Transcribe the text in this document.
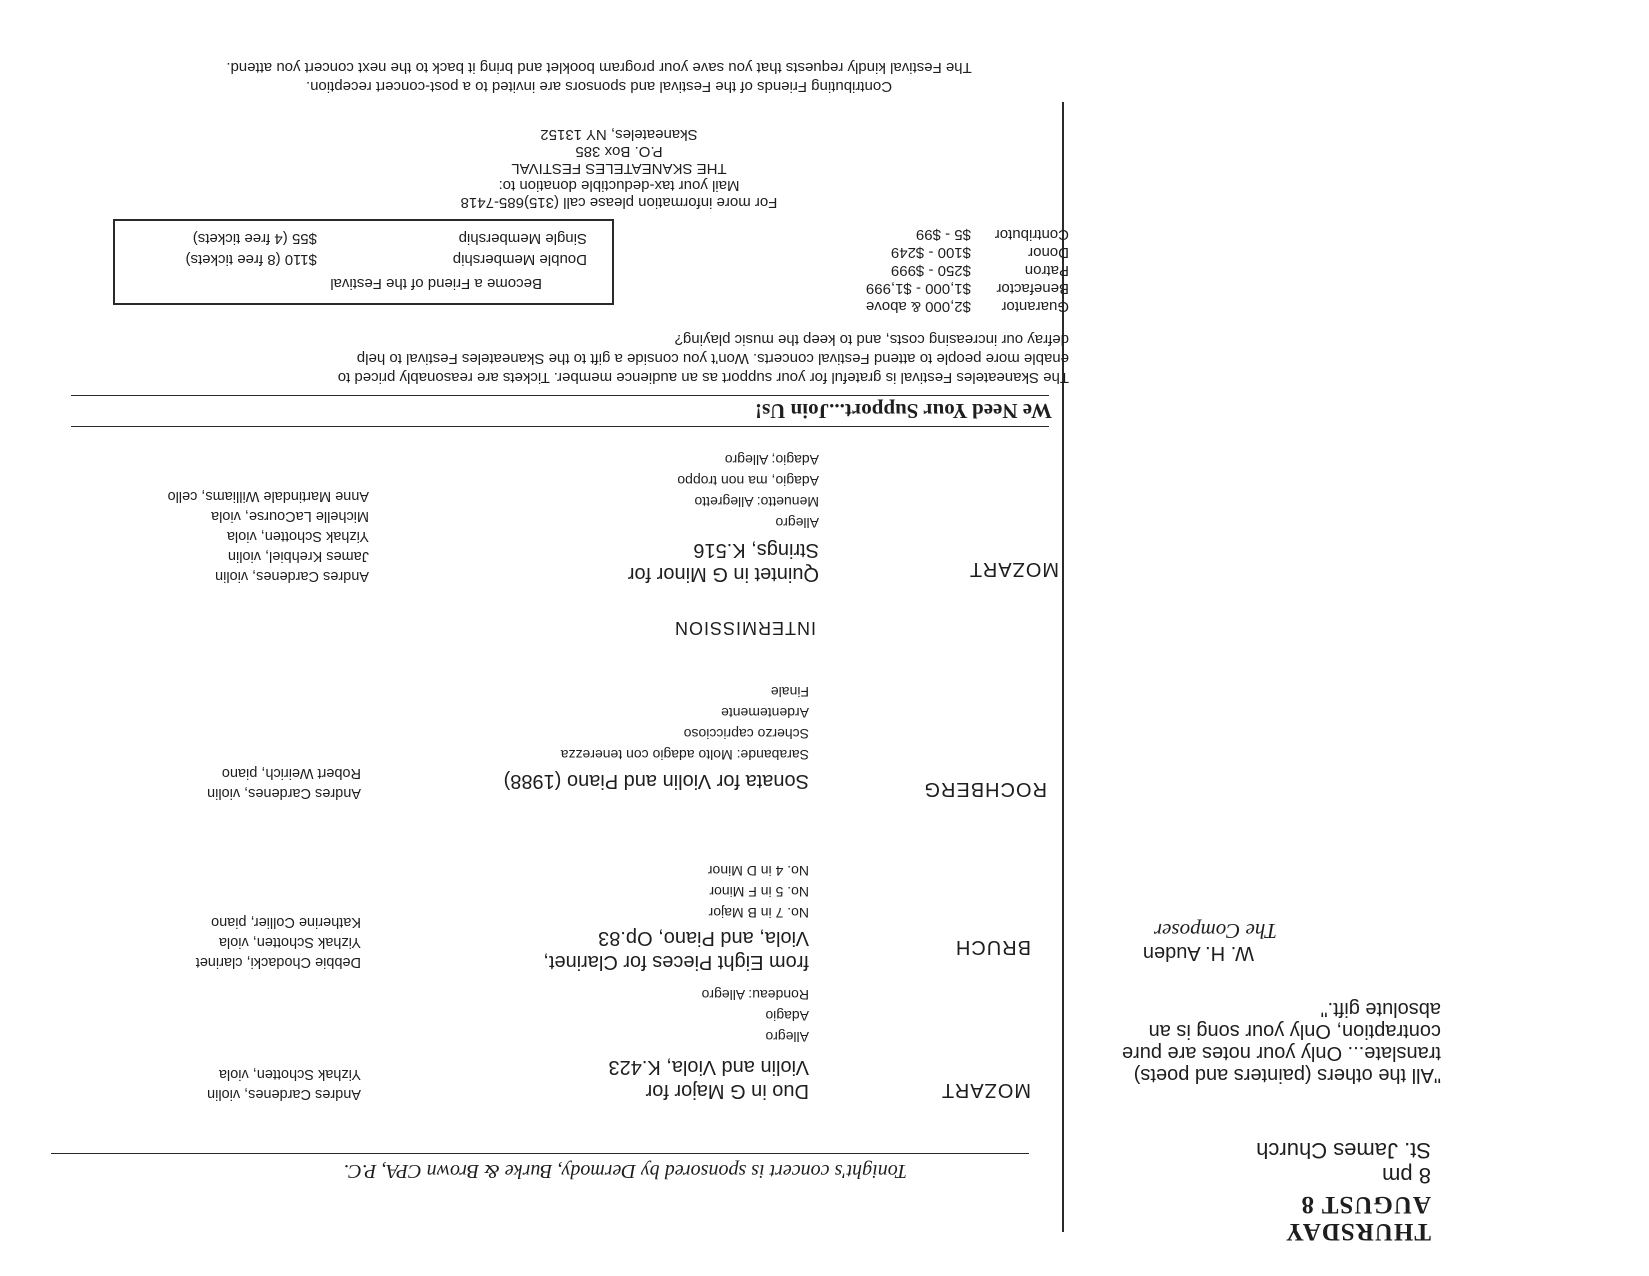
THURSDAY
AUGUST 8
8 pm
St. James Church
"All the others (painters and poets) translate... Only your notes are pure contraption, Only your song is an absolute gift."
W. H. Auden
The Composer
Tonight's concert is sponsored by Dermody, Burke & Brown CPA, P.C.
MOZART
Duo in G Major for
Violin and Viola, K.423
Allegro
Adagio
Rondeau: Allegro
Andres Cardenes, violin
Yizhak Schotten, viola
BRUCH
from Eight Pieces for Clarinet,
Viola, and Piano, Op.83
No. 7 in B Major
No. 5 in F Minor
No. 4 in D Minor
Debbie Chodacki, clarinet
Yizhak Schotten, viola
Katherine Collier, piano
ROCHBERG
Sonata for Violin and Piano (1988)
Sarabande: Molto adagio con tenerezza
Scherzo capriccioso
Ardentemente
Finale
Andres Cardenes, violin
Robert Weirich, piano
INTERMISSION
MOZART
Quintet in G Minor for
Strings, K.516
Allegro
Menuetto: Allegretto
Adagio, ma non troppo
Adagio; Allegro
Andres Cardenes, violin
James Krehbiel, violin
Yizhak Schotten, viola
Michelle LaCourse, viola
Anne Martindale Williams, cello
We Need Your Support...Join Us!
The Skaneateles Festival is grateful for your support as an audience member. Tickets are reasonably priced to
enable more people to attend Festival concerts. Won't you conside a gift to the Skaneateles Festival to help
defray our increasing costs, and to keep the music playing?
Guarantor$2,000 & above
Benefactor$1,000 - $1,999
Patron$250 - $999
Donor$100 - $249
Contributor$5 - $99
Become a Friend of the Festival
Double Membership
$110 (8 free tickets)
Single Membership
$55 (4 free tickets)
For more information please call (315)685-7418
Mail your tax-deductible donation to:
THE SKANEATELES FESTIVAL
P.O. Box 385
Skaneateles, NY 13152
Contributing Friends of the Festival and sponsors are invited to a post-concert reception.
The Festival kindly requests that you save your program booklet and bring it back to the next concert you attend.
